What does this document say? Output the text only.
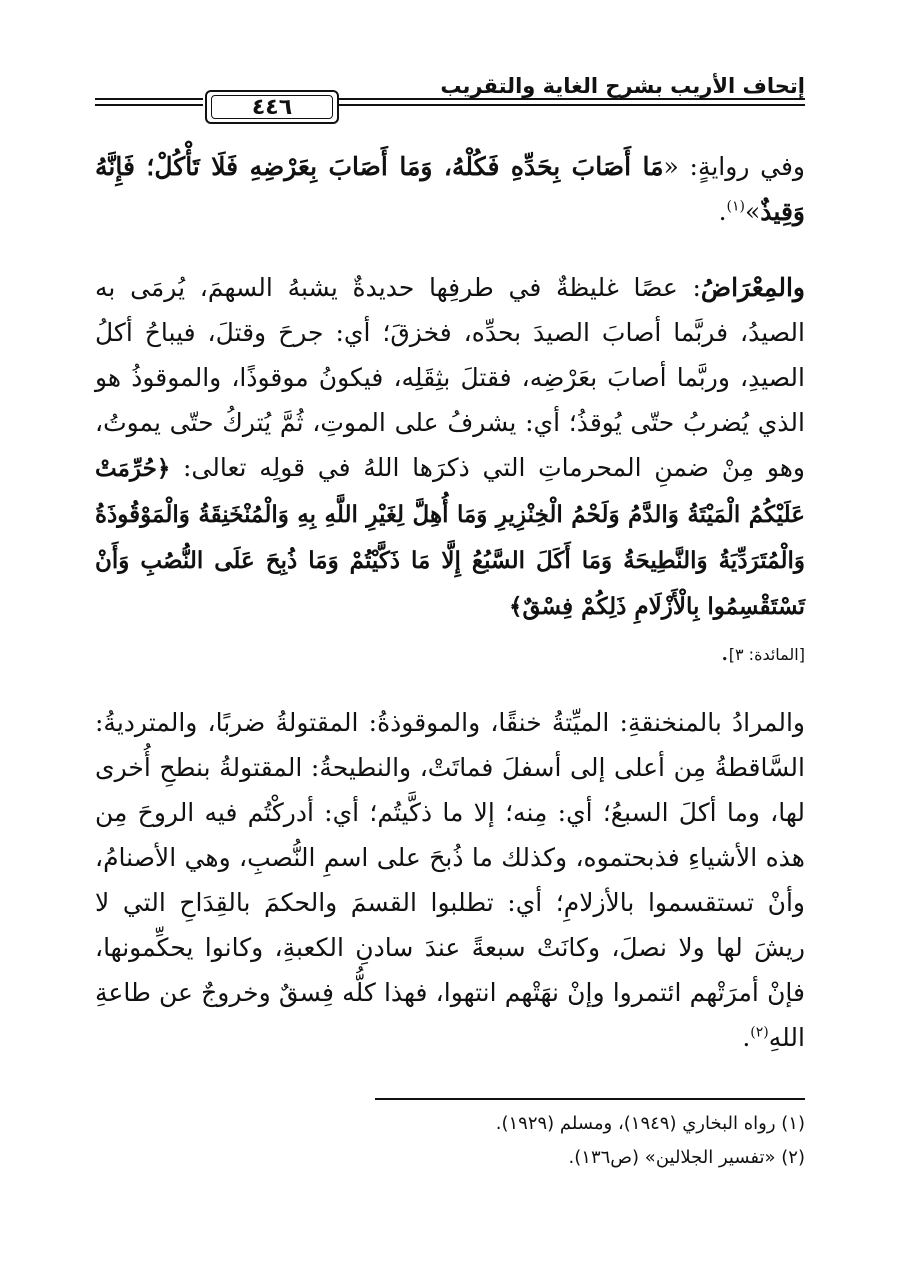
إتحاف الأريب بشرح الغاية والتقريب
٤٤٦
وفي روايةٍ: «مَا أَصَابَ بِحَدِّهِ فَكُلْهُ، وَمَا أَصَابَ بِعَرْضِهِ فَلَا تَأْكُلْ؛ فَإِنَّهُ وَقِيذٌ»$^{(١)}$.
والمِعْرَاضُ: عصًا غليظةٌ في طرفِها حديدةٌ يشبهُ السهمَ، يُرمَى به الصيدُ، فربَّما أصابَ الصيدَ بحدِّه، فخزقَ؛ أي: جرحَ وقتلَ، فيباحُ أكلُ الصيدِ، وربَّما أصابَ بعَرْضِه، فقتلَ بثِقَلِه، فيكونُ موقوذًا، والموقوذُ هو الذي يُضربُ حتّى يُوقذُ؛ أي: يشرفُ على الموتِ، ثُمَّ يُتركُ حتّى يموتُ، وهو مِنْ ضمنِ المحرماتِ التي ذكرَها اللهُ في قولِه تعالى: ﴿حُرِّمَتْ عَلَيْكُمُ الْمَيْتَةُ وَالدَّمُ وَلَحْمُ الْخِنْزِيرِ وَمَا أُهِلَّ لِغَيْرِ اللَّهِ بِهِ وَالْمُنْخَنِقَةُ وَالْمَوْقُوذَةُ وَالْمُتَرَدِّيَةُ وَالنَّطِيحَةُ وَمَا أَكَلَ السَّبُعُ إِلَّا مَا ذَكَّيْتُمْ وَمَا ذُبِحَ عَلَى النُّصُبِ وَأَنْ تَسْتَقْسِمُوا بِالْأَزْلَامِ ذَلِكُمْ فِسْقٌ﴾
[المائدة: ٣].
والمرادُ بالمنخنقةِ: الميِّتةُ خنقًا، والموقوذةُ: المقتولةُ ضربًا، والمترديةُ: السَّاقطةُ مِن أعلى إلى أسفلَ فماتَتْ، والنطيحةُ: المقتولةُ بنطحِ أُخرى لها، وما أكلَ السبعُ؛ أي: مِنه؛ إلا ما ذكَّيتُم؛ أي: أدركْتُم فيه الروحَ مِن هذه الأشياءِ فذبحتموه، وكذلك ما ذُبحَ على اسمِ النُّصبِ، وهي الأصنامُ، وأنْ تستقسموا بالأزلامِ؛ أي: تطلبوا القسمَ والحكمَ بالقِدَاحِ التي لا ريشَ لها ولا نصلَ، وكانَتْ سبعةً عندَ سادنِ الكعبةِ، وكانوا يحكِّمونها، فإنْ أمرَتْهم ائتمروا وإنْ نهَتْهم انتهوا، فهذا كلُّه فِسقٌ وخروجٌ عن طاعةِ اللهِ$^{(٢)}$.
(١) رواه البخاري (١٩٤٩)، ومسلم (١٩٢٩).
(٢) «تفسير الجلالين» (ص١٣٦).
